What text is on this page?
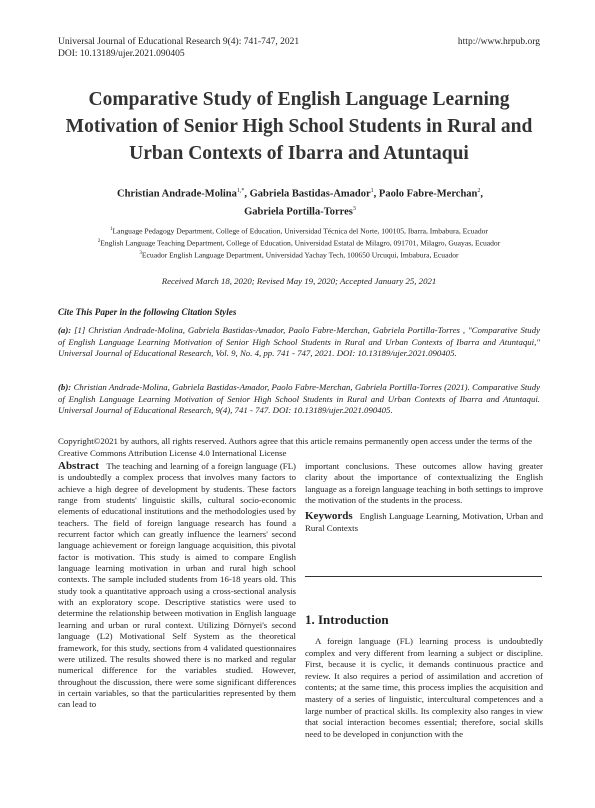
Universal Journal of Educational Research 9(4): 741-747, 2021
DOI: 10.13189/ujer.2021.090405
http://www.hrpub.org
Comparative Study of English Language Learning Motivation of Senior High School Students in Rural and Urban Contexts of Ibarra and Atuntaqui
Christian Andrade-Molina$^{1,*}$, Gabriela Bastidas-Amador$^1$, Paolo Fabre-Merchan$^2$,
Gabriela Portilla-Torres$^3$
$^1$Language Pedagogy Department, College of Education, Universidad Técnica del Norte, 100105, Ibarra, Imbabura, Ecuador
$^2$English Language Teaching Department, College of Education, Universidad Estatal de Milagro, 091701, Milagro, Guayas, Ecuador
$^3$Ecuador English Language Department, Universidad Yachay Tech, 100650 Urcuqui, Imbabura, Ecuador
Received March 18, 2020; Revised May 19, 2020; Accepted January 25, 2021
Cite This Paper in the following Citation Styles
(a): [1] Christian Andrade-Molina, Gabriela Bastidas-Amador, Paolo Fabre-Merchan, Gabriela Portilla-Torres , "Comparative Study of English Language Learning Motivation of Senior High School Students in Rural and Urban Contexts of Ibarra and Atuntaqui," Universal Journal of Educational Research, Vol. 9, No. 4, pp. 741 - 747, 2021. DOI: 10.13189/ujer.2021.090405.
(b): Christian Andrade-Molina, Gabriela Bastidas-Amador, Paolo Fabre-Merchan, Gabriela Portilla-Torres (2021). Comparative Study of English Language Learning Motivation of Senior High School Students in Rural and Urban Contexts of Ibarra and Atuntaqui. Universal Journal of Educational Research, 9(4), 741 - 747. DOI: 10.13189/ujer.2021.090405.
Copyright©2021 by authors, all rights reserved. Authors agree that this article remains permanently open access under the terms of the Creative Commons Attribution License 4.0 International License
Abstract The teaching and learning of a foreign language (FL) is undoubtedly a complex process that involves many factors to achieve a high degree of development by students. These factors range from students' linguistic skills, cultural socio-economic elements of educational institutions and the methodologies used by teachers. The field of foreign language research has found a recurrent factor which can greatly influence the learners' second language achievement or foreign language acquisition, this pivotal factor is motivation. This study is aimed to compare English language learning motivation in urban and rural high school contexts. The sample included students from 16-18 years old. This study took a quantitative approach using a cross-sectional analysis with an exploratory scope. Descriptive statistics were used to determine the relationship between motivation in English language learning and urban or rural context. Utilizing Dörnyei's second language (L2) Motivational Self System as the theoretical framework, for this study, sections from 4 validated questionnaires were utilized. The results showed there is no marked and regular numerical difference for the variables studied. However, throughout the discussion, there were some significant differences in certain variables, so that the particularities represented by them can lead to
important conclusions. These outcomes allow having greater clarity about the importance of contextualizing the English language as a foreign language teaching in both settings to improve the motivation of the students in the process.
Keywords English Language Learning, Motivation, Urban and Rural Contexts
1. Introduction
A foreign language (FL) learning process is undoubtedly complex and very different from learning a subject or discipline. First, because it is cyclic, it demands continuous practice and review. It also requires a period of assimilation and accretion of contents; at the same time, this process implies the acquisition and mastery of a series of linguistic, intercultural competences and a large number of practical skills. Its complexity also ranges in view that social interaction becomes essential; therefore, social skills need to be developed in conjunction with the
